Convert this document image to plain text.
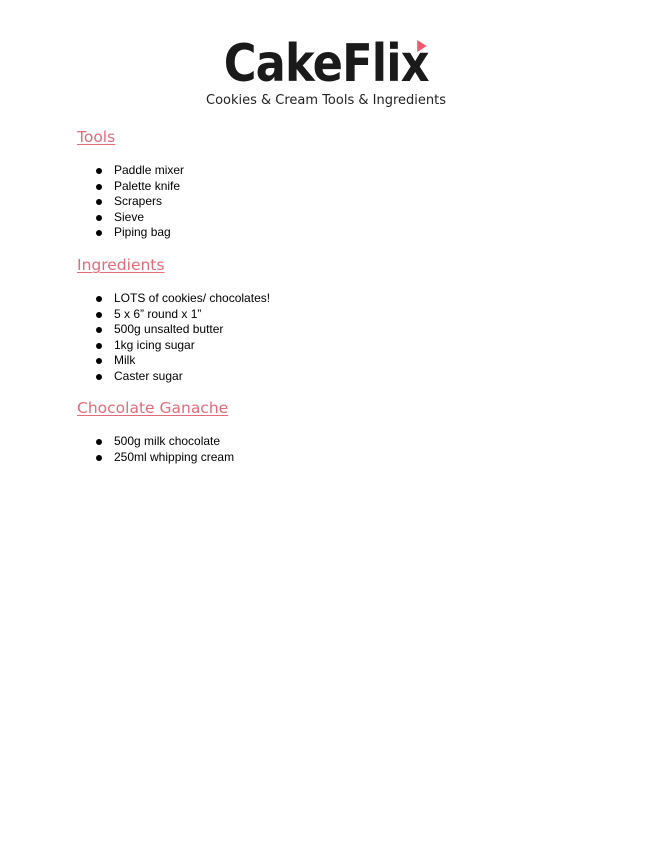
CakeFlix
Cookies & Cream Tools & Ingredients
Tools
Paddle mixer
Palette knife
Scrapers
Sieve
Piping bag
Ingredients
LOTS of cookies/ chocolates!
5 x 6” round x 1”
500g unsalted butter
1kg icing sugar
Milk
Caster sugar
Chocolate Ganache
500g milk chocolate
250ml whipping cream
